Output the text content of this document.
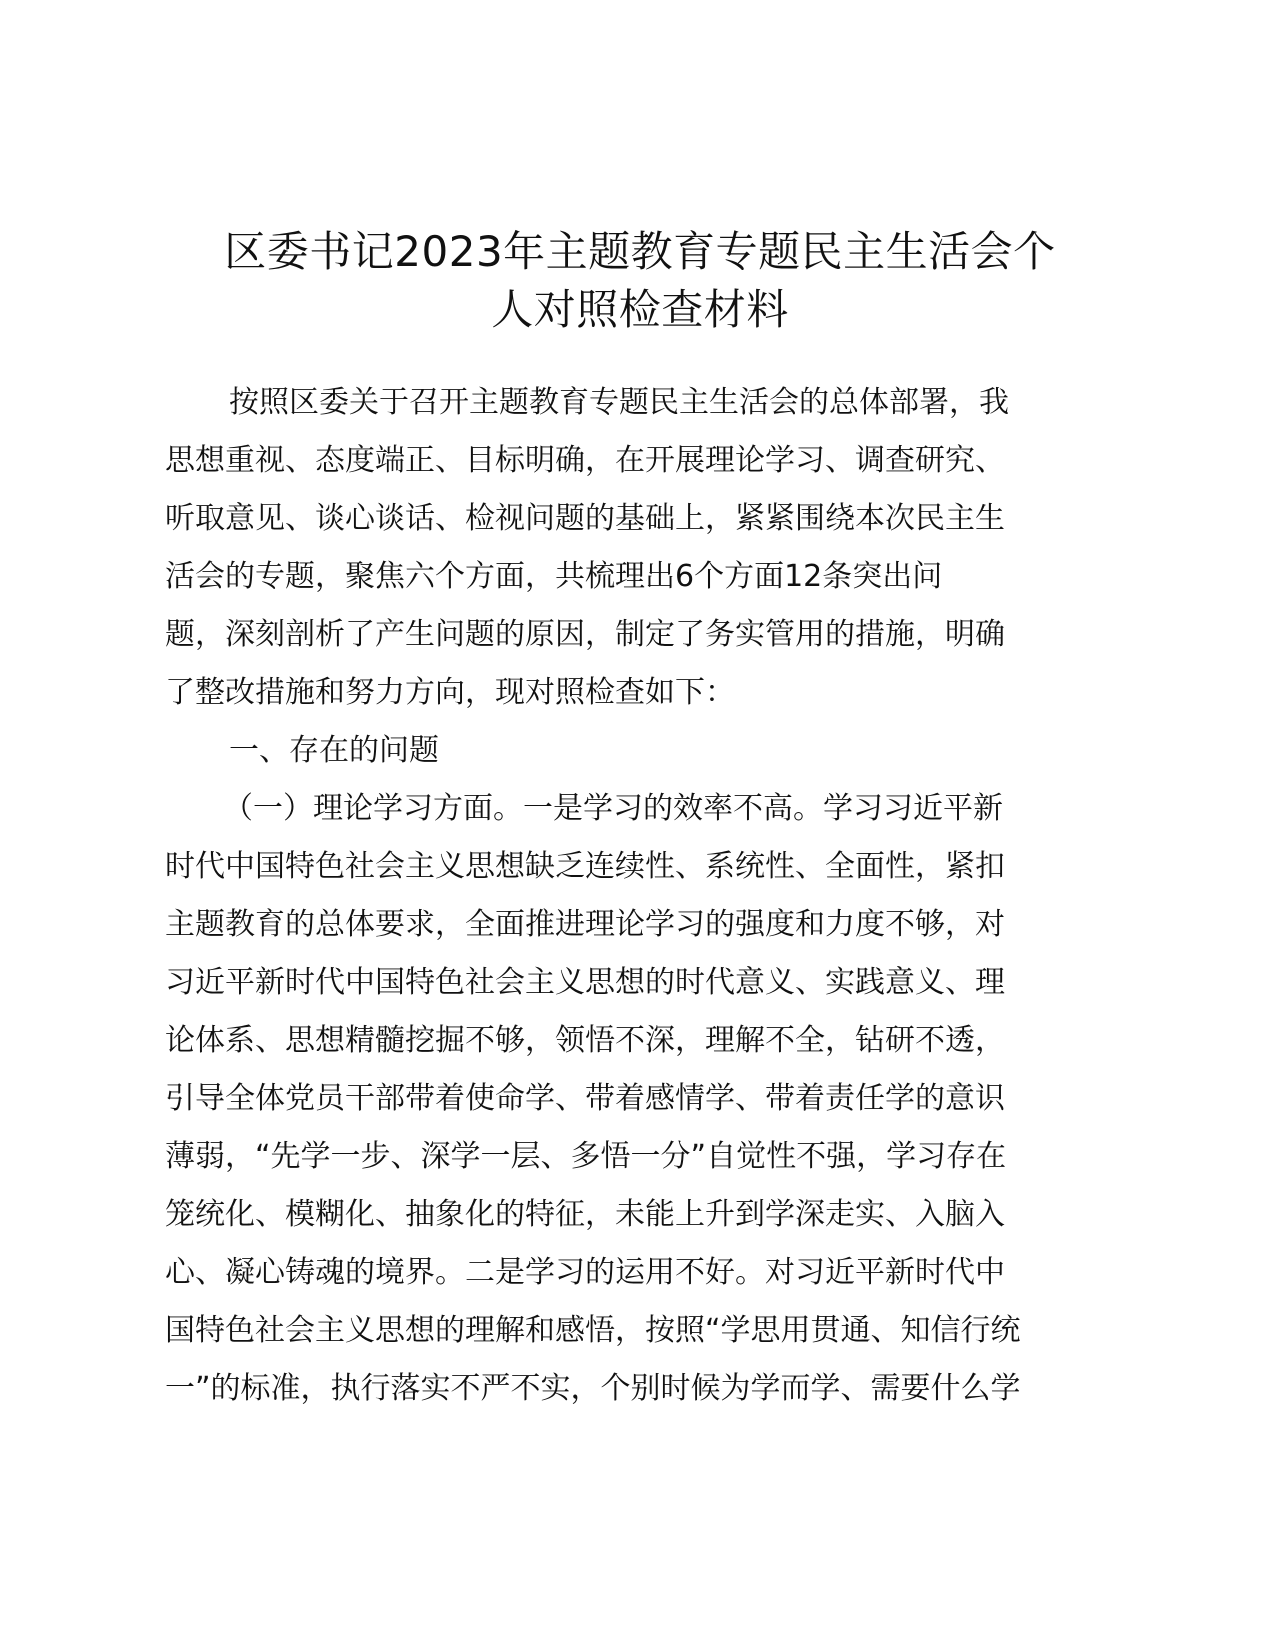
区委书记2023年主题教育专题民主生活会个
人对照检查材料
按照区委关于召开主题教育专题民主生活会的总体部署，我
思想重视、态度端正、目标明确，在开展理论学习、调查研究、
听取意见、谈心谈话、检视问题的基础上，紧紧围绕本次民主生
活会的专题，聚焦六个方面，共梳理出6个方面12条突出问
题，深刻剖析了产生问题的原因，制定了务实管用的措施，明确
了整改措施和努力方向，现对照检查如下：
一、存在的问题
（一）理论学习方面。一是学习的效率不高。学习习近平新
时代中国特色社会主义思想缺乏连续性、系统性、全面性，紧扣
主题教育的总体要求，全面推进理论学习的强度和力度不够，对
习近平新时代中国特色社会主义思想的时代意义、实践意义、理
论体系、思想精髓挖掘不够，领悟不深，理解不全，钻研不透，
引导全体党员干部带着使命学、带着感情学、带着责任学的意识
薄弱，“先学一步、深学一层、多悟一分”自觉性不强，学习存在
笼统化、模糊化、抽象化的特征，未能上升到学深走实、入脑入
心、凝心铸魂的境界。二是学习的运用不好。对习近平新时代中
国特色社会主义思想的理解和感悟，按照“学思用贯通、知信行统
一”的标准，执行落实不严不实，个别时候为学而学、需要什么学
